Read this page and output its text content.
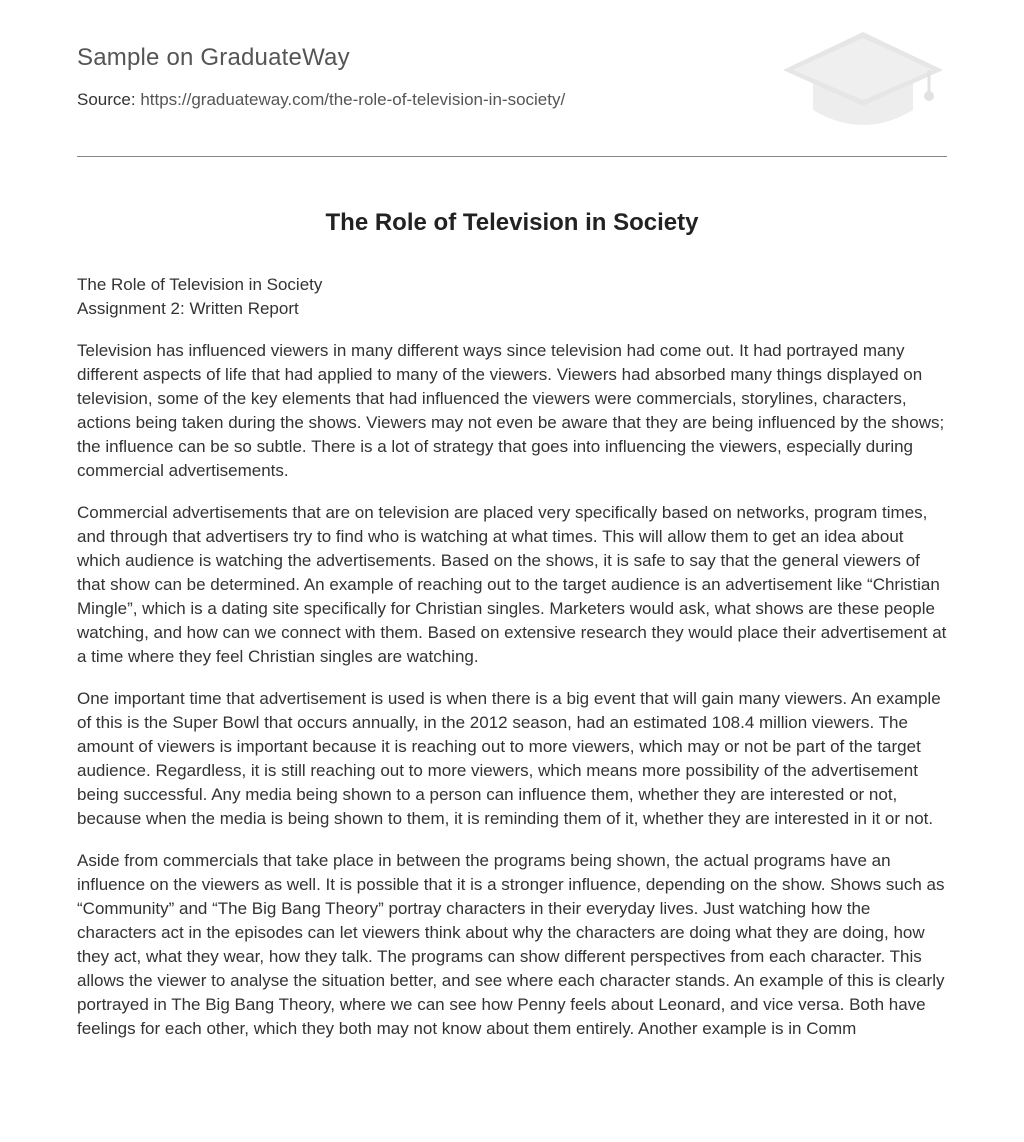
Sample on GraduateWay
Source: https://graduateway.com/the-role-of-television-in-society/
The Role of Television in Society
The Role of Television in Society
Assignment 2: Written Report

Television has influenced viewers in many different ways since television had come out. It had portrayed many different aspects of life that had applied to many of the viewers. Viewers had absorbed many things displayed on television, some of the key elements that had influenced the viewers were commercials, storylines, characters, actions being taken during the shows. Viewers may not even be aware that they are being influenced by the shows; the influence can be so subtle. There is a lot of strategy that goes into influencing the viewers, especially during commercial advertisements.

Commercial advertisements that are on television are placed very specifically based on networks, program times, and through that advertisers try to find who is watching at what times. This will allow them to get an idea about which audience is watching the advertisements. Based on the shows, it is safe to say that the general viewers of that show can be determined. An example of reaching out to the target audience is an advertisement like “Christian Mingle”, which is a dating site specifically for Christian singles. Marketers would ask, what shows are these people watching, and how can we connect with them. Based on extensive research they would place their advertisement at a time where they feel Christian singles are watching.

One important time that advertisement is used is when there is a big event that will gain many viewers. An example of this is the Super Bowl that occurs annually, in the 2012 season, had an estimated 108.4 million viewers. The amount of viewers is important because it is reaching out to more viewers, which may or not be part of the target audience. Regardless, it is still reaching out to more viewers, which means more possibility of the advertisement being successful. Any media being shown to a person can influence them, whether they are interested or not, because when the media is being shown to them, it is reminding them of it, whether they are interested in it or not.

Aside from commercials that take place in between the programs being shown, the actual programs have an influence on the viewers as well. It is possible that it is a stronger influence, depending on the show. Shows such as “Community” and “The Big Bang Theory” portray characters in their everyday lives. Just watching how the characters act in the episodes can let viewers think about why the characters are doing what they are doing, how they act, what they wear, how they talk. The programs can show different perspectives from each character. This allows the viewer to analyse the situation better, and see where each character stands. An example of this is clearly portrayed in The Big Bang Theory, where we can see how Penny feels about Leonard, and vice versa. Both have feelings for each other, which they both may not know about them entirely. Another example is in Comm
